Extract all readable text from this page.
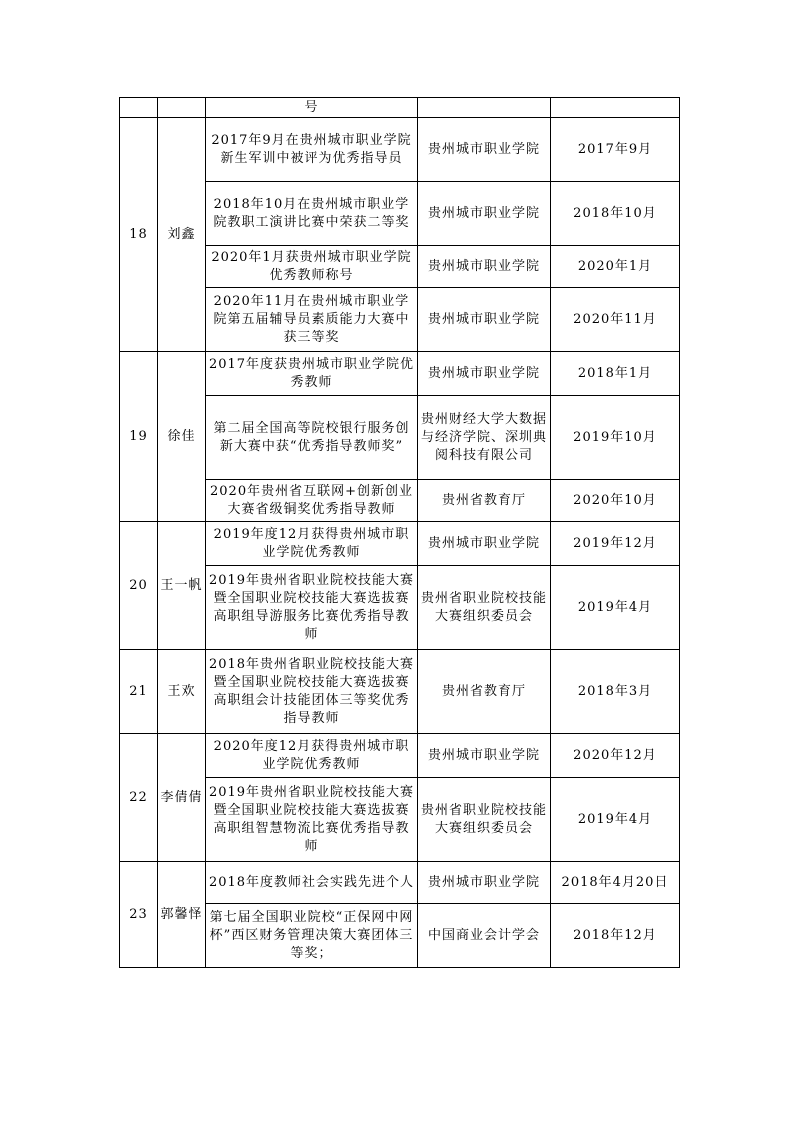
		号		
18	刘鑫	2017年9月在贵州城市职业学院新生军训中被评为优秀指导员	贵州城市职业学院	2017年9月
		2018年10月在贵州城市职业学院教职工演讲比赛中荣获二等奖	贵州城市职业学院	2018年10月
		2020年1月获贵州城市职业学院优秀教师称号	贵州城市职业学院	2020年1月
		2020年11月在贵州城市职业学院第五届辅导员素质能力大赛中获三等奖	贵州城市职业学院	2020年11月
19	徐佳	2017年度获贵州城市职业学院优秀教师	贵州城市职业学院	2018年1月
		第二届全国高等院校银行服务创新大赛中获“优秀指导教师奖”	贵州财经大学大数据与经济学院、深圳典阅科技有限公司	2019年10月
		2020年贵州省互联网+创新创业大赛省级铜奖优秀指导教师	贵州省教育厅	2020年10月
20	王一帆	2019年度12月获得贵州城市职业学院优秀教师	贵州城市职业学院	2019年12月
		2019年贵州省职业院校技能大赛暨全国职业院校技能大赛选拔赛高职组导游服务比赛优秀指导教师	贵州省职业院校技能大赛组织委员会	2019年4月
21	王欢	2018年贵州省职业院校技能大赛暨全国职业院校技能大赛选拔赛高职组会计技能团体三等奖优秀指导教师	贵州省教育厅	2018年3月
22	李倩倩	2020年度12月获得贵州城市职业学院优秀教师	贵州城市职业学院	2020年12月
		2019年贵州省职业院校技能大赛暨全国职业院校技能大赛选拔赛高职组智慧物流比赛优秀指导教师	贵州省职业院校技能大赛组织委员会	2019年4月
23	郭馨怿	2018年度教师社会实践先进个人	贵州城市职业学院	2018年4月20日
		第七届全国职业院校“正保网中网杯”西区财务管理决策大赛团体三等奖；	中国商业会计学会	2018年12月
